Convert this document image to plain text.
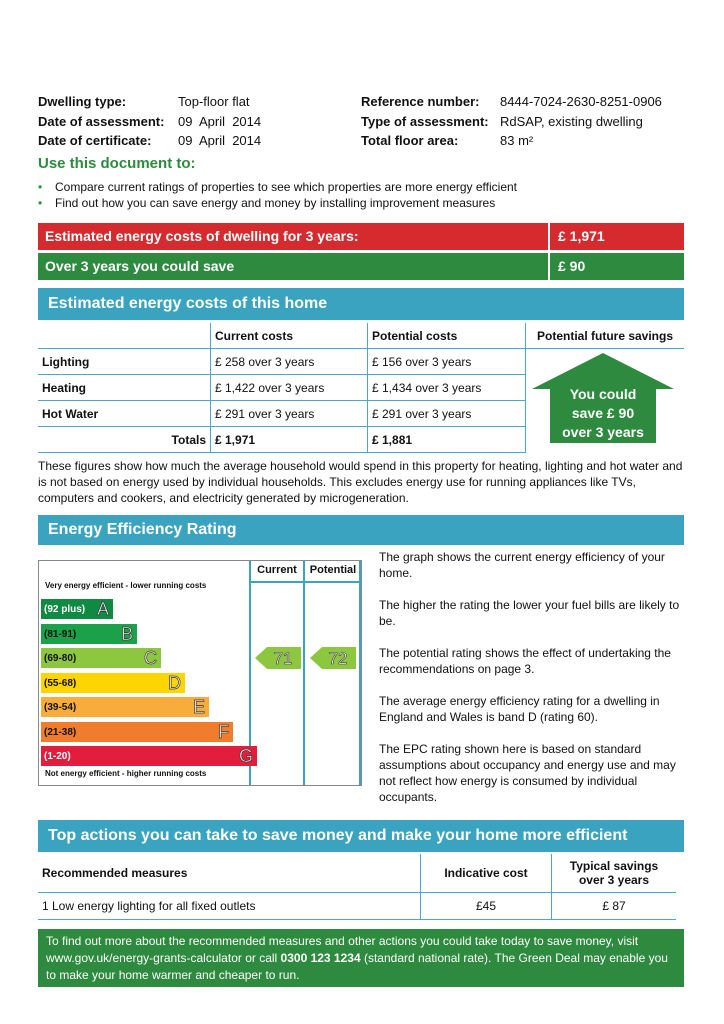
Dwelling type:	Top-floor flat
Date of assessment: 09  April  2014
Date of certificate: 09  April  2014
Reference number: 8444-7024-2630-8251-0906
Type of assessment: RdSAP, existing dwelling
Total floor area:	83 m²
Use this document to:
• Compare current ratings of properties to see which properties are more energy efficient
• Find out how you can save energy and money by installing improvement measures
Estimated energy costs of dwelling for 3 years:	£ 1,971
Over 3 years you could save	£ 90
Estimated energy costs of this home
	Current costs	Potential costs	Potential future savings
Lighting	£ 258 over 3 years	£ 156 over 3 years	You could
save £ 90
over 3 years

Heating	£ 1,422 over 3 years	£ 1,434 over 3 years	
Hot Water	£ 291 over 3 years	£ 291 over 3 years	
Totals	£ 1,971	£ 1,881	
These figures show how much the average household would spend in this property for heating, lighting and hot water and is not based on energy used by individual households. This excludes energy use for running appliances like TVs, computers and cookers, and electricity generated by microgeneration.
Energy Efficiency Rating
Current	Potential
Very energy efficient - lower running costs
Not energy efficient - higher running costs
(92 plus) A
(81-91) B
(69-80)	C
(55-68)	D
(39-54)	E
(21-38)	F
(1-20)	G
71 72
The graph shows the current energy efficiency of your home.
The higher the rating the lower your fuel bills are likely to be.
The potential rating shows the effect of undertaking the recommendations on page 3.
The average energy efficiency rating for a dwelling in England and Wales is band D (rating 60).
The EPC rating shown here is based on standard assumptions about occupancy and energy use and may not reflect how energy is consumed by individual occupants.
Top actions you can take to save money and make your home more efficient
Recommended measures	Indicative cost	Typical savings over 3 years
1 Low energy lighting for all fixed outlets	£45	£ 87
To find out more about the recommended measures and other actions you could take today to save money, visit www.gov.uk/energy-grants-calculator or call 0300 123 1234 (standard national rate). The Green Deal may enable you to make your home warmer and cheaper to run.
